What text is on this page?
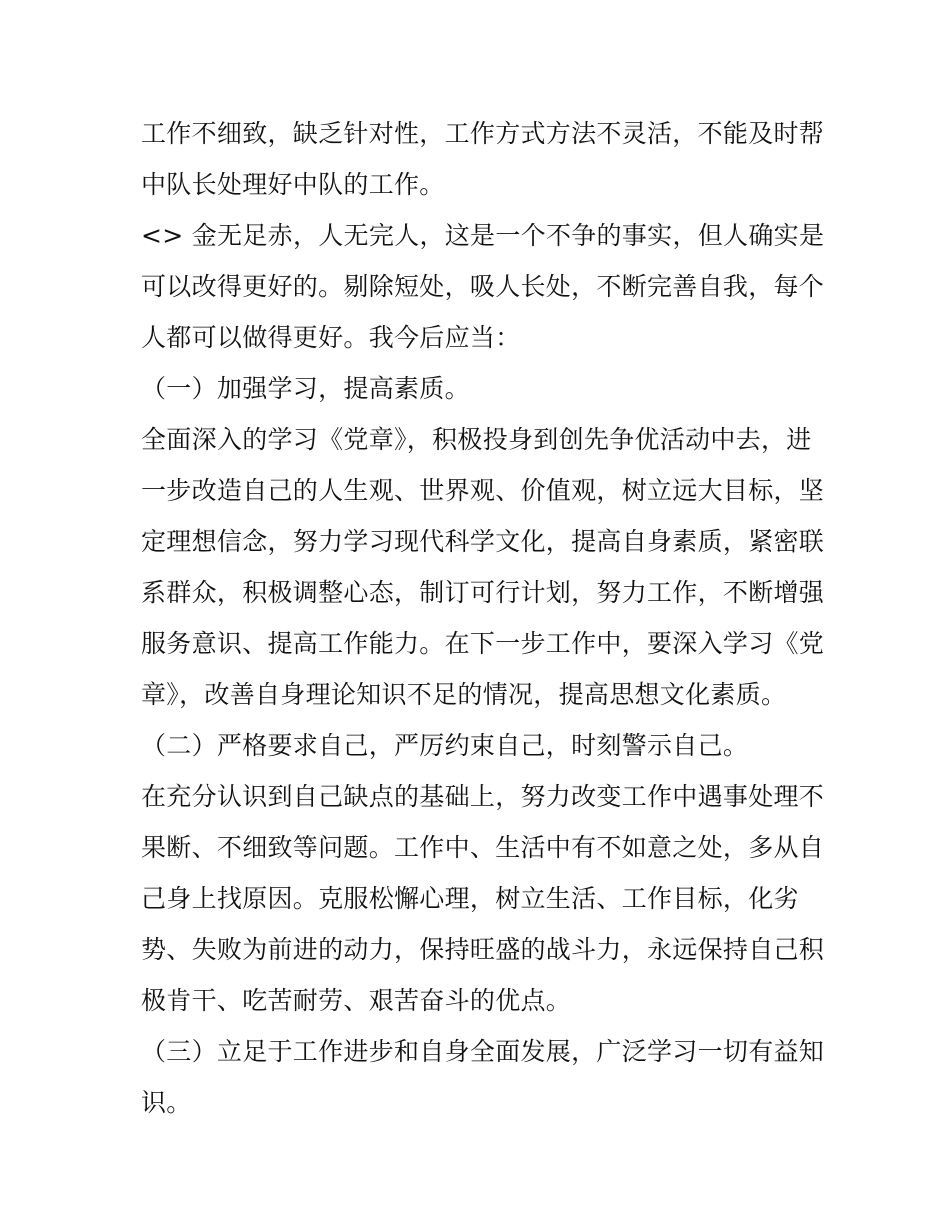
工作不细致，缺乏针对性，工作方式方法不灵活，不能及时帮
中队长处理好中队的工作。
<> 金无足赤，人无完人，这是一个不争的事实，但人确实是
可以改得更好的。剔除短处，吸人长处，不断完善自我，每个
人都可以做得更好。我今后应当：
（一）加强学习，提高素质。
全面深入的学习《党章》，积极投身到创先争优活动中去，进
一步改造自己的人生观、世界观、价值观，树立远大目标，坚
定理想信念，努力学习现代科学文化，提高自身素质，紧密联
系群众，积极调整心态，制订可行计划，努力工作，不断增强
服务意识、提高工作能力。在下一步工作中，要深入学习《党
章》，改善自身理论知识不足的情况，提高思想文化素质。
（二）严格要求自己，严厉约束自己，时刻警示自己。
在充分认识到自己缺点的基础上，努力改变工作中遇事处理不
果断、不细致等问题。工作中、生活中有不如意之处，多从自
己身上找原因。克服松懈心理，树立生活、工作目标，化劣
势、失败为前进的动力，保持旺盛的战斗力，永远保持自己积
极肯干、吃苦耐劳、艰苦奋斗的优点。
（三）立足于工作进步和自身全面发展，广泛学习一切有益知
识。
